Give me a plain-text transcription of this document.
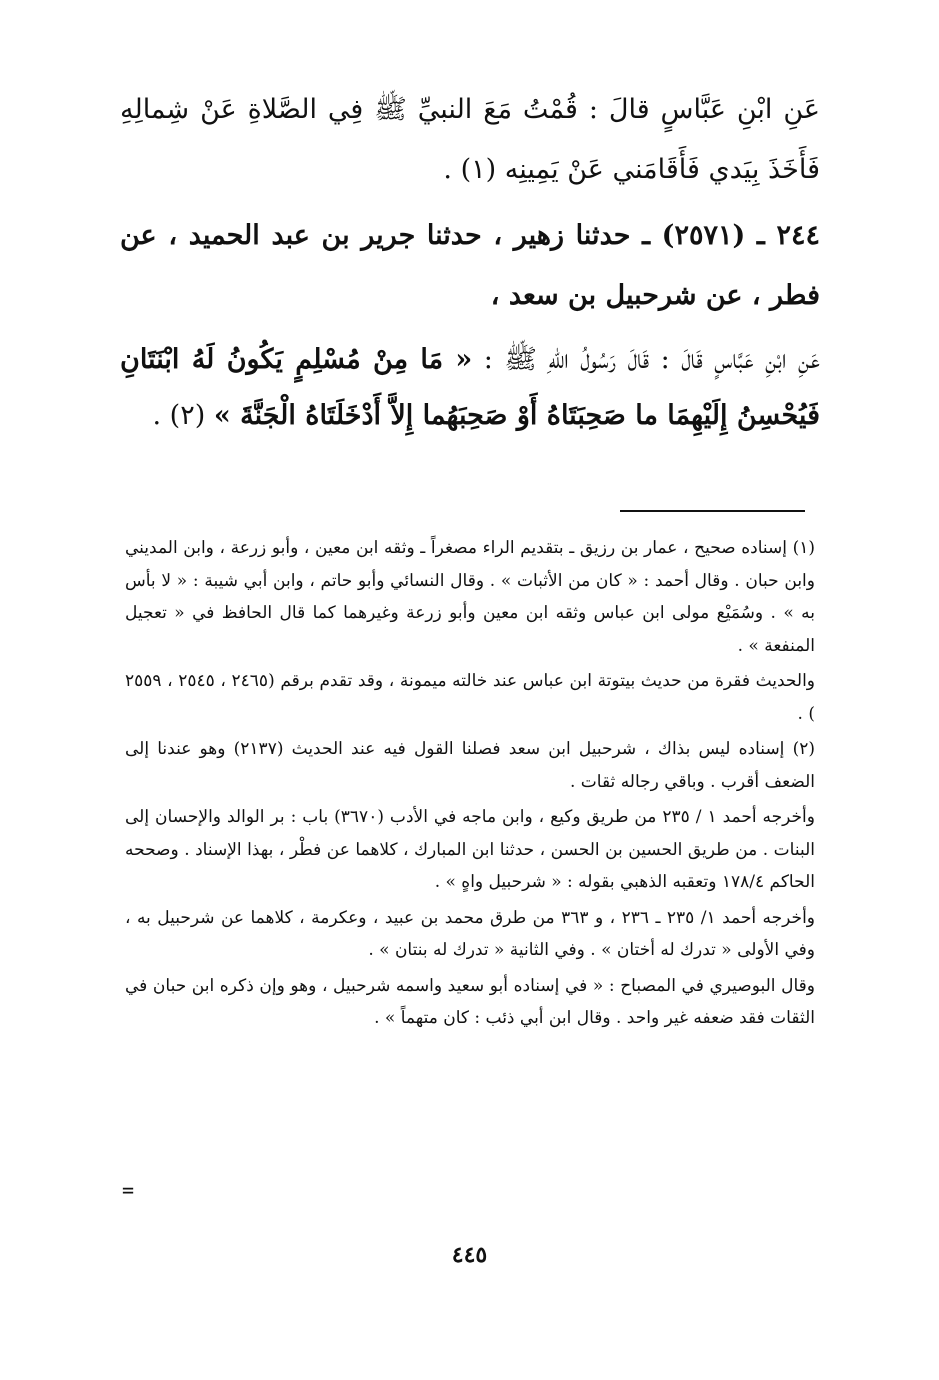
عَنِ ابْنِ عَبَّاسٍ قالَ : قُمْتُ مَعَ النبيِّ ﷺ فِي الصَّلاةِ عَنْ شِمالِهِ فَأَخَذَ بِيَدي فَأَقَامَني عَنْ يَمِينِه (١) .

٢٤٤ ـ (٢٥٧١) ـ حدثنا زهير ، حدثنا جرير بن عبد الحميد ، عن فطر ، عن شرحبيل بن سعد ،

عَنِ ابْنِ عَبَّاسٍ قَالَ : قَالَ رَسُولُ اللهِ ﷺ : « مَا مِنْ مُسْلِمٍ يَكُونُ لَهُ ابْنَتَانِ فَيُحْسِنُ إِلَيْهِمَا ما صَحِبَتَاهُ أَوْ صَحِبَهُما إِلاَّ أَدْخَلَتَاهُ الْجَنَّةَ » (٢) .

(١) إسناده صحيح ، عمار بن رزيق ـ بتقديم الراء مصغراً ـ وثقه ابن معين ، وأبو زرعة ، وابن المديني وابن حبان . وقال أحمد : « كان من الأثبات » . وقال النسائي وأبو حاتم ، وابن أبي شيبة : « لا بأس به » . وسُمَيْع مولى ابن عباس وثقه ابن معين وأبو زرعة وغيرهما كما قال الحافظ في « تعجيل المنفعة » .

والحديث فقرة من حديث بيتوتة ابن عباس عند خالته ميمونة ، وقد تقدم برقم (٢٤٦٥ ، ٢٥٤٥ ، ٢٥٥٩ ) .

(٢) إسناده ليس بذاك ، شرحبيل ابن سعد فصلنا القول فيه عند الحديث (٢١٣٧) وهو عندنا إلى الضعف أقرب . وباقي رجاله ثقات .

وأخرجه أحمد ١ / ٢٣٥ من طريق وكيع ، وابن ماجه في الأدب (٣٦٧٠) باب : بر الوالد والإحسان إلى البنات . من طريق الحسين بن الحسن ، حدثنا ابن المبارك ، كلاهما عن فطْر ، بهذا الإسناد . وصححه الحاكم ١٧٨/٤ وتعقبه الذهبي بقوله : « شرحبيل واهٍ » .

وأخرجه أحمد ١/ ٢٣٥ ـ ٢٣٦ ، و ٣٦٣ من طرق محمد بن عبيد ، وعكرمة ، كلاهما عن شرحبيل به ، وفي الأولى « تدرك له أختان » . وفي الثانية « تدرك له بنتان » .

وقال البوصيري في المصباح : « في إسناده أبو سعيد واسمه شرحبيل ، وهو وإن ذكره ابن حبان في الثقات فقد ضعفه غير واحد . وقال ابن أبي ذئب : كان متهماً » .

=
٤٤٥
